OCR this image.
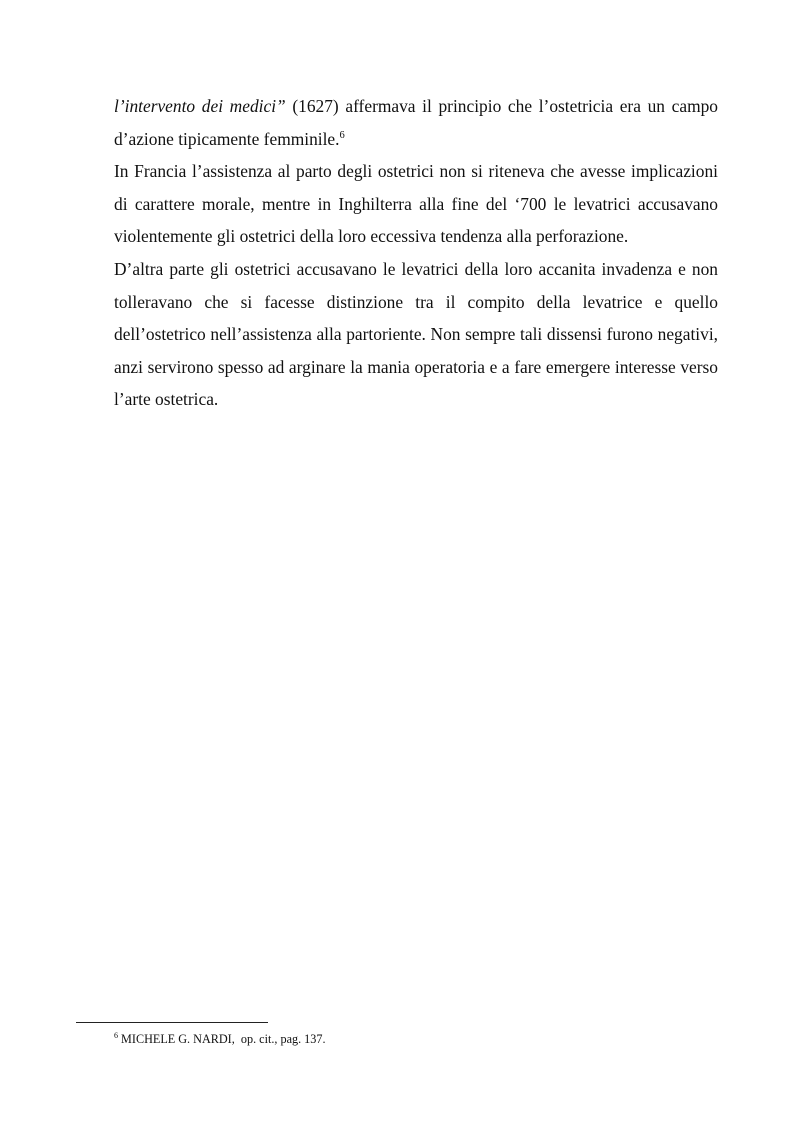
l’intervento dei medici” (1627) affermava il principio che l’ostetricia era un campo d’azione tipicamente femminile.$^6$

In Francia l’assistenza al parto degli ostetrici non si riteneva che avesse implicazioni di carattere morale, mentre in Inghilterra alla fine del ‘700 le levatrici accusavano violentemente gli ostetrici della loro eccessiva tendenza alla perforazione.

D’altra parte gli ostetrici accusavano le levatrici della loro accanita invadenza e non tolleravano che si facesse distinzione tra il compito della levatrice e quello dell’ostetrico nell’assistenza alla partoriente. Non sempre tali dissensi furono negativi, anzi servirono spesso ad arginare la mania operatoria e a fare emergere interesse verso l’arte ostetrica.

$^6$ MICHELE G. NARDI,  op. cit., pag. 137.
